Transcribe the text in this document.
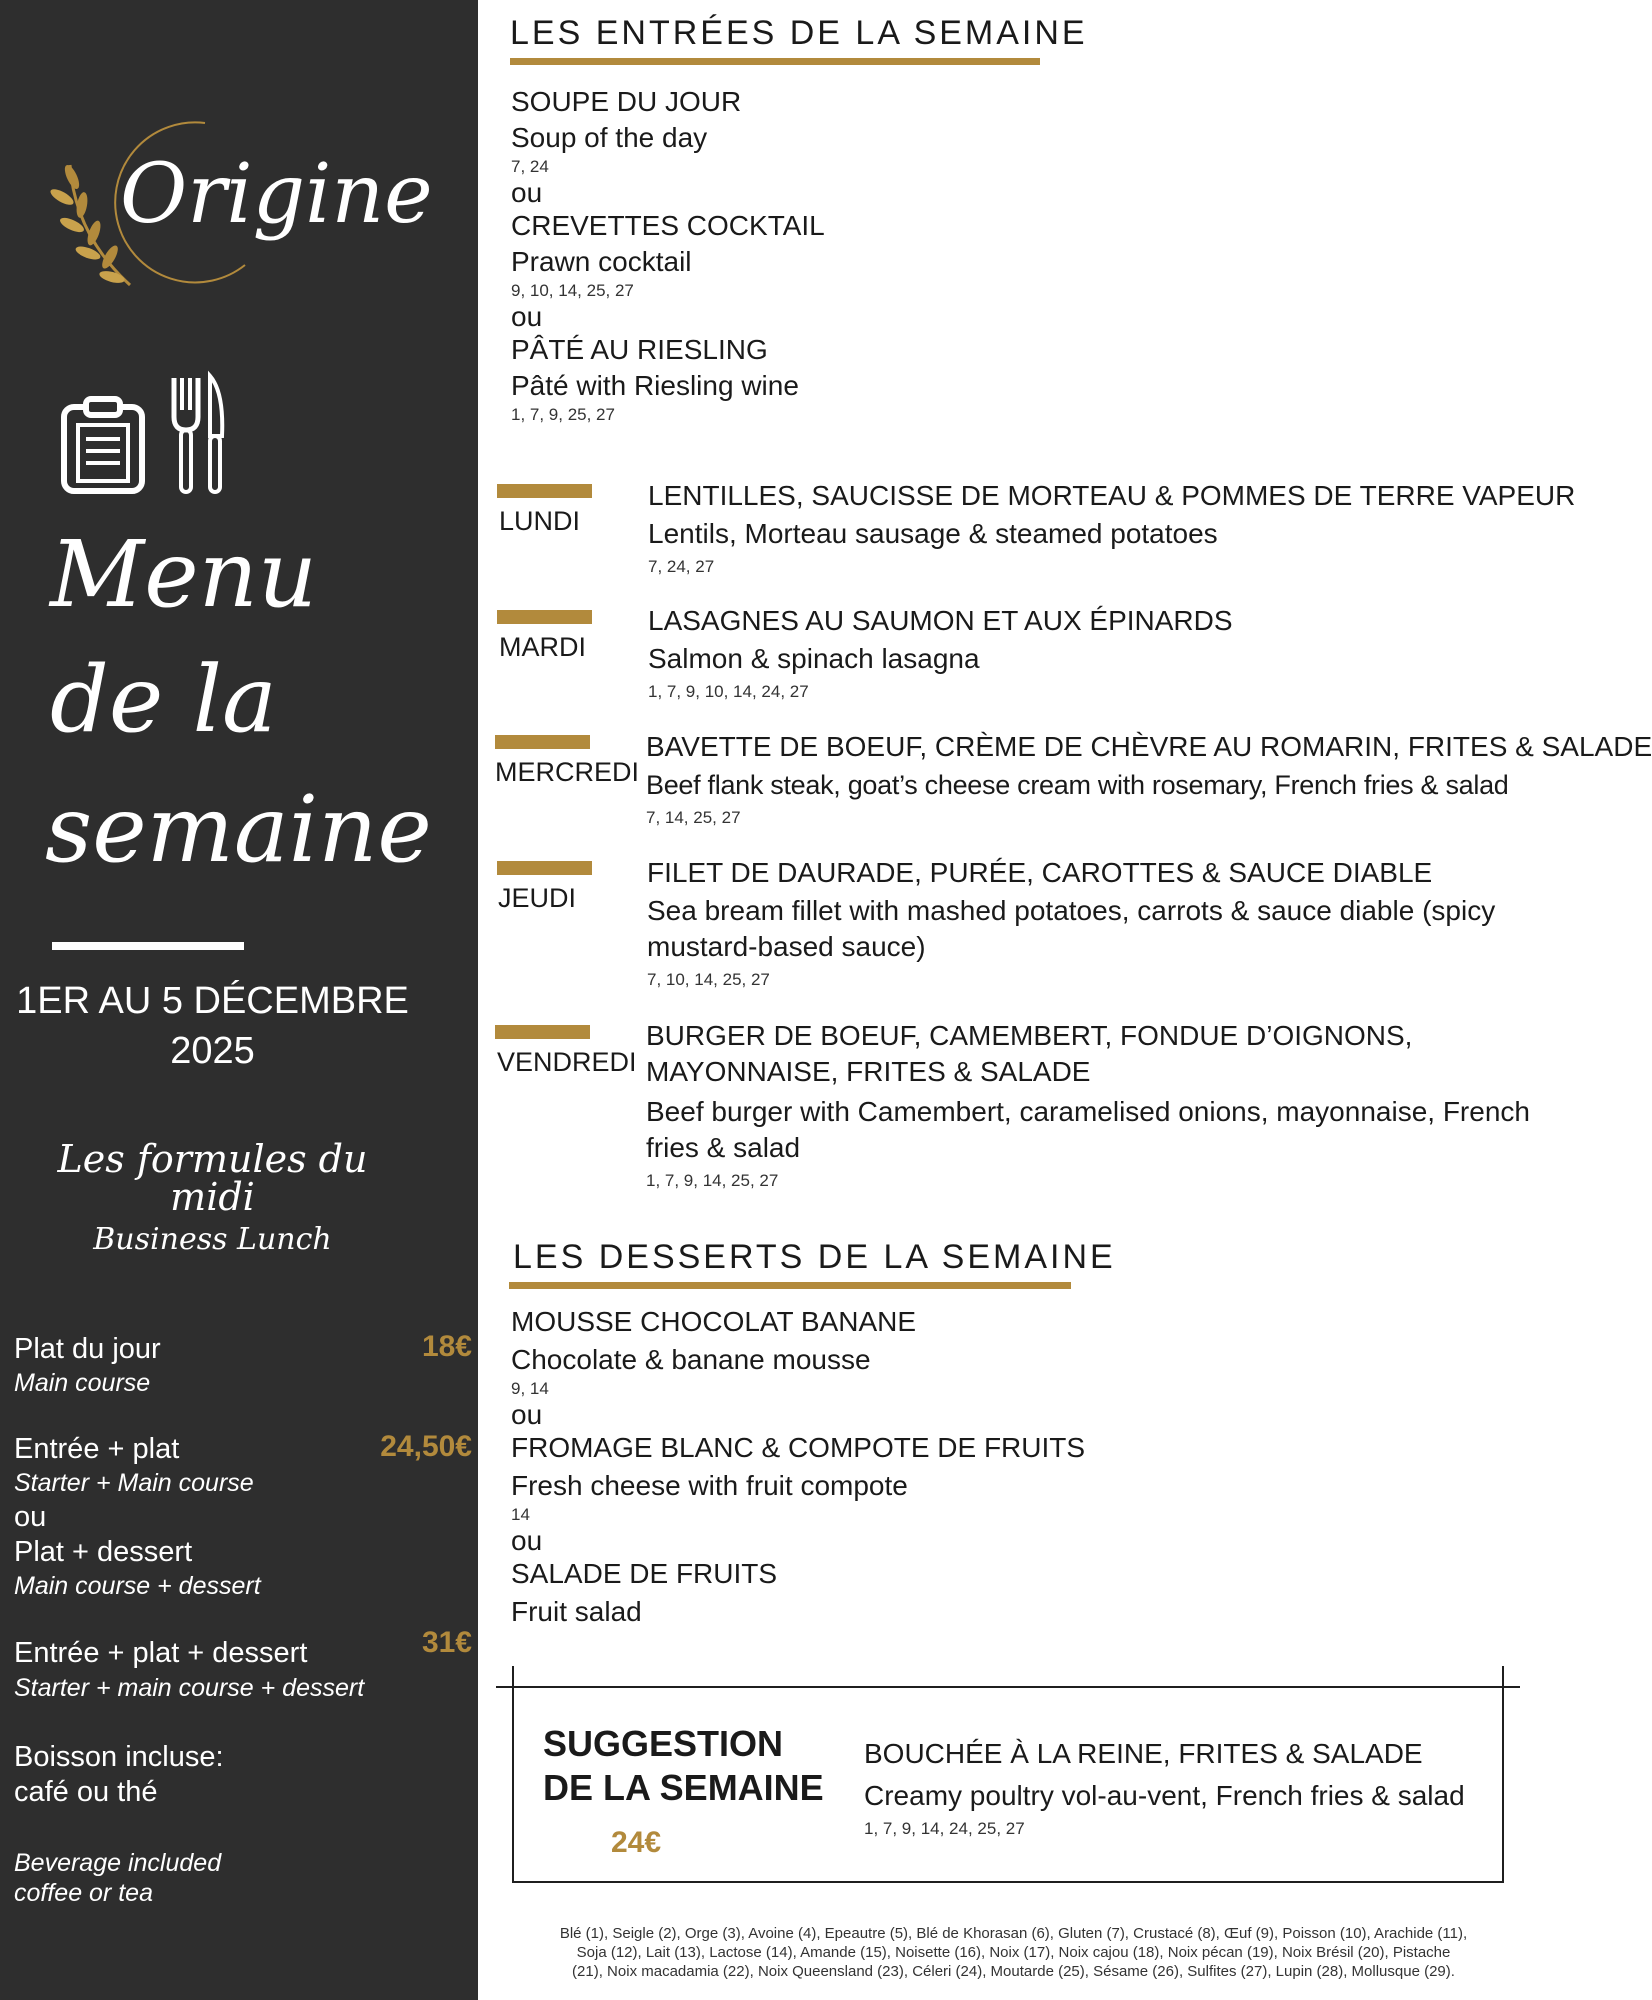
Origine
Menu
de la
semaine
1ER AU 5 DÉCEMBRE
2025
Les formules du
midi
Business Lunch
Plat du jour
Main course
18€
Entrée + plat
Starter + Main course
24,50€
ou
Plat + dessert
Main course + dessert
Entrée + plat + dessert
Starter + main course + dessert
31€
Boisson incluse:
café ou thé
Beverage included
coffee or tea
LES ENTRÉES DE LA SEMAINE
SOUPE DU JOUR
Soup of the day
7, 24
ou
CREVETTES COCKTAIL
Prawn cocktail
9, 10, 14, 25, 27
ou
PÂTÉ AU RIESLING
Pâté with Riesling wine
1, 7, 9, 25, 27
LUNDI
LENTILLES, SAUCISSE DE MORTEAU & POMMES DE TERRE VAPEUR
Lentils, Morteau sausage & steamed potatoes
7, 24, 27
MARDI
LASAGNES AU SAUMON ET AUX ÉPINARDS
Salmon & spinach lasagna
1, 7, 9, 10, 14, 24, 27
MERCREDI
BAVETTE DE BOEUF, CRÈME DE CHÈVRE AU ROMARIN, FRITES & SALADE
Beef flank steak, goat’s cheese cream with rosemary, French fries & salad
7, 14, 25, 27
JEUDI
FILET DE DAURADE, PURÉE, CAROTTES & SAUCE DIABLE
Sea bream fillet with mashed potatoes, carrots & sauce diable (spicy mustard-based sauce)
7, 10, 14, 25, 27
VENDREDI
BURGER DE BOEUF, CAMEMBERT, FONDUE D’OIGNONS, MAYONNAISE, FRITES & SALADE
Beef burger with Camembert, caramelised onions, mayonnaise, French fries & salad
1, 7, 9, 14, 25, 27
LES DESSERTS DE LA SEMAINE
MOUSSE CHOCOLAT BANANE
Chocolate & banane mousse
9, 14
ou
FROMAGE BLANC & COMPOTE DE FRUITS
Fresh cheese with fruit compote
14
ou
SALADE DE FRUITS
Fruit salad
SUGGESTION
DE LA SEMAINE
24€
BOUCHÉE À LA REINE, FRITES & SALADE
Creamy poultry vol-au-vent, French fries & salad
1, 7, 9, 14, 24, 25, 27
Blé (1), Seigle (2), Orge (3), Avoine (4), Epeautre (5), Blé de Khorasan (6), Gluten (7), Crustacé (8), Œuf (9), Poisson (10), Arachide (11),
Soja (12), Lait (13), Lactose (14), Amande (15), Noisette (16), Noix (17), Noix cajou (18), Noix pécan (19), Noix Brésil (20), Pistache
(21), Noix macadamia (22), Noix Queensland (23), Céleri (24), Moutarde (25), Sésame (26), Sulfites (27), Lupin (28), Mollusque (29).
